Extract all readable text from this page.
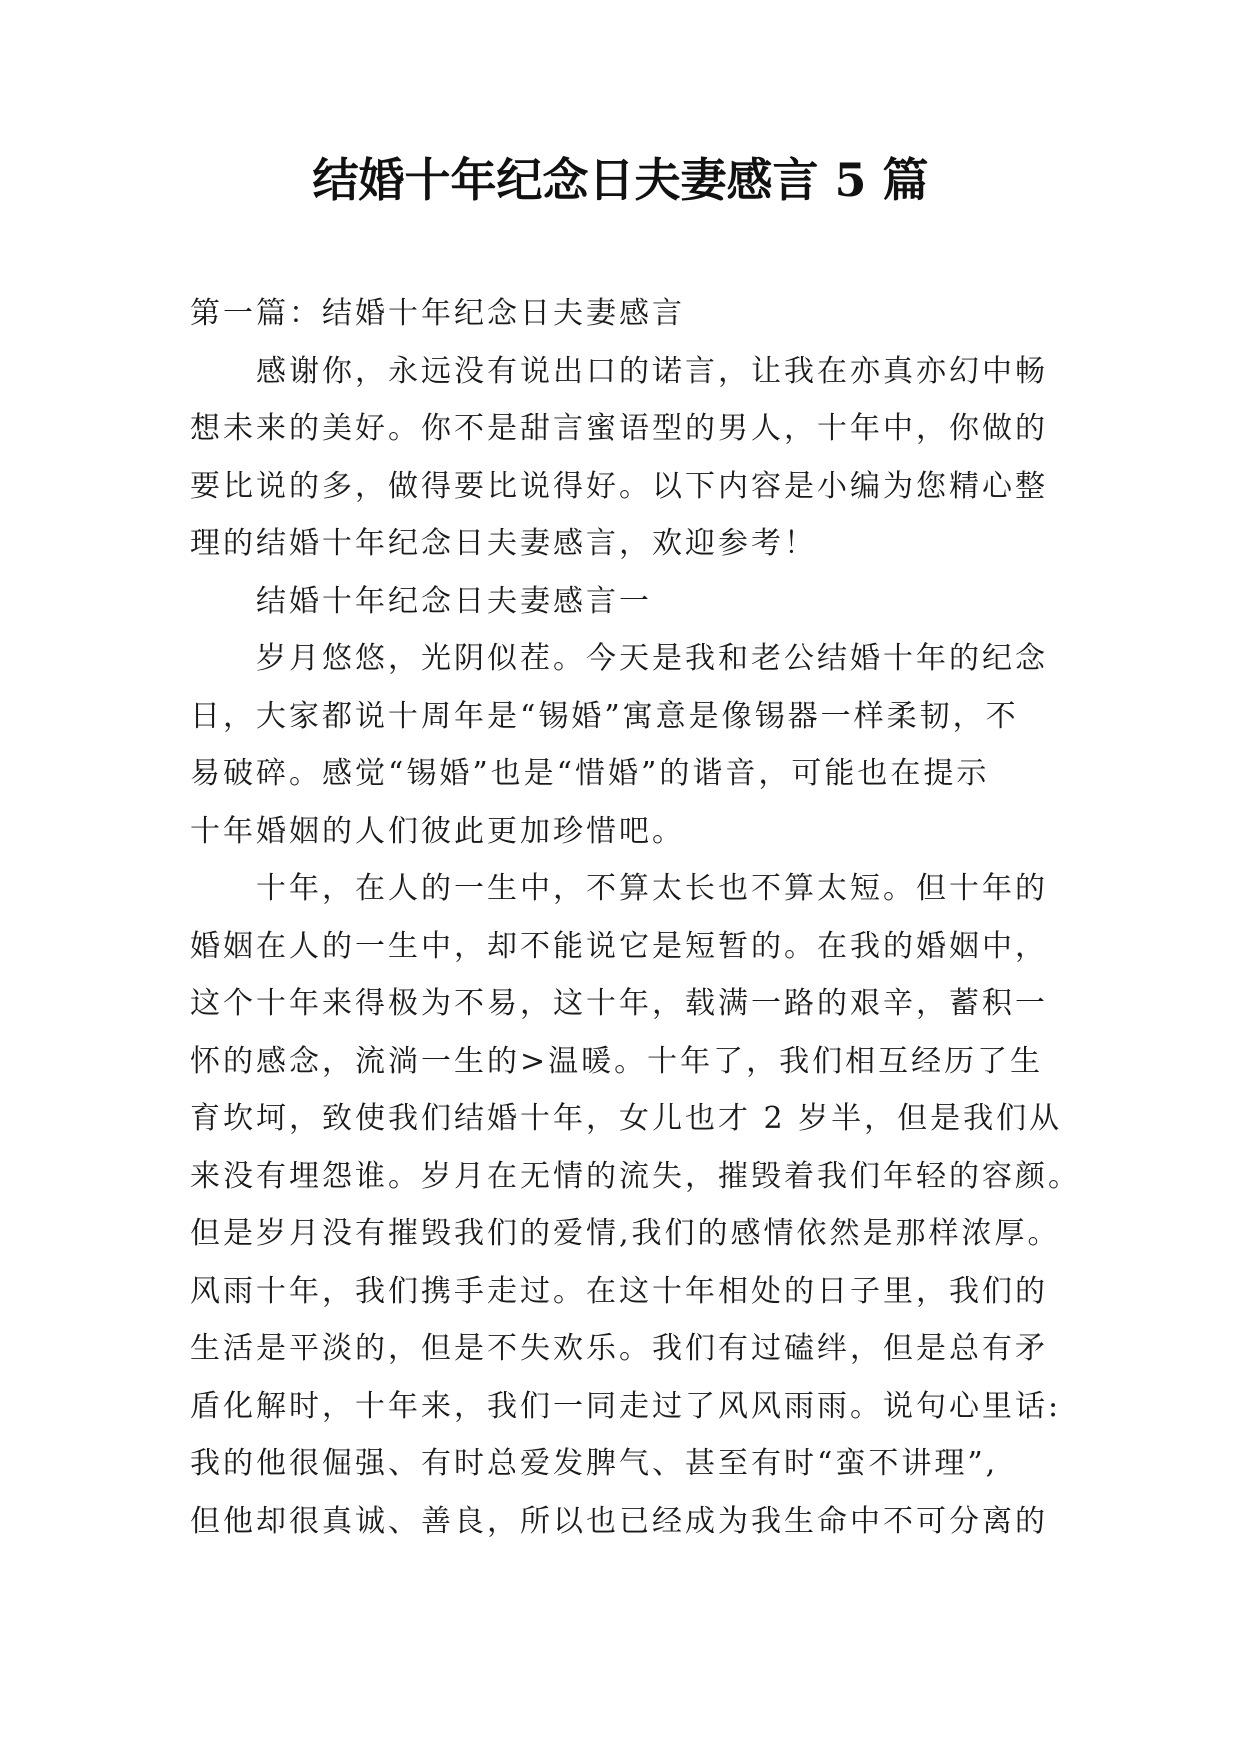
结婚十年纪念日夫妻感言 5 篇

第一篇：结婚十年纪念日夫妻感言

感谢你，永远没有说出口的诺言，让我在亦真亦幻中畅
想未来的美好。你不是甜言蜜语型的男人，十年中，你做的
要比说的多，做得要比说得好。以下内容是小编为您精心整
理的结婚十年纪念日夫妻感言，欢迎参考！

结婚十年纪念日夫妻感言一

岁月悠悠，光阴似茬。今天是我和老公结婚十年的纪念
日，大家都说十周年是“锡婚”寓意是像锡器一样柔韧，不
易破碎。感觉“锡婚”也是“惜婚”的谐音，可能也在提示
十年婚姻的人们彼此更加珍惜吧。

十年，在人的一生中，不算太长也不算太短。但十年的
婚姻在人的一生中，却不能说它是短暂的。在我的婚姻中，
这个十年来得极为不易，这十年，载满一路的艰辛，蓄积一
怀的感念，流淌一生的>温暖。十年了，我们相互经历了生
育坎坷，致使我们结婚十年，女儿也才 2 岁半，但是我们从
来没有埋怨谁。岁月在无情的流失，摧毁着我们年轻的容颜。
但是岁月没有摧毁我们的爱情,我们的感情依然是那样浓厚。
风雨十年，我们携手走过。在这十年相处的日子里，我们的
生活是平淡的，但是不失欢乐。我们有过磕绊，但是总有矛
盾化解时，十年来，我们一同走过了风风雨雨。说句心里话:
我的他很倔强、有时总爱发脾气、甚至有时“蛮不讲理”,
但他却很真诚、善良，所以也已经成为我生命中不可分离的
